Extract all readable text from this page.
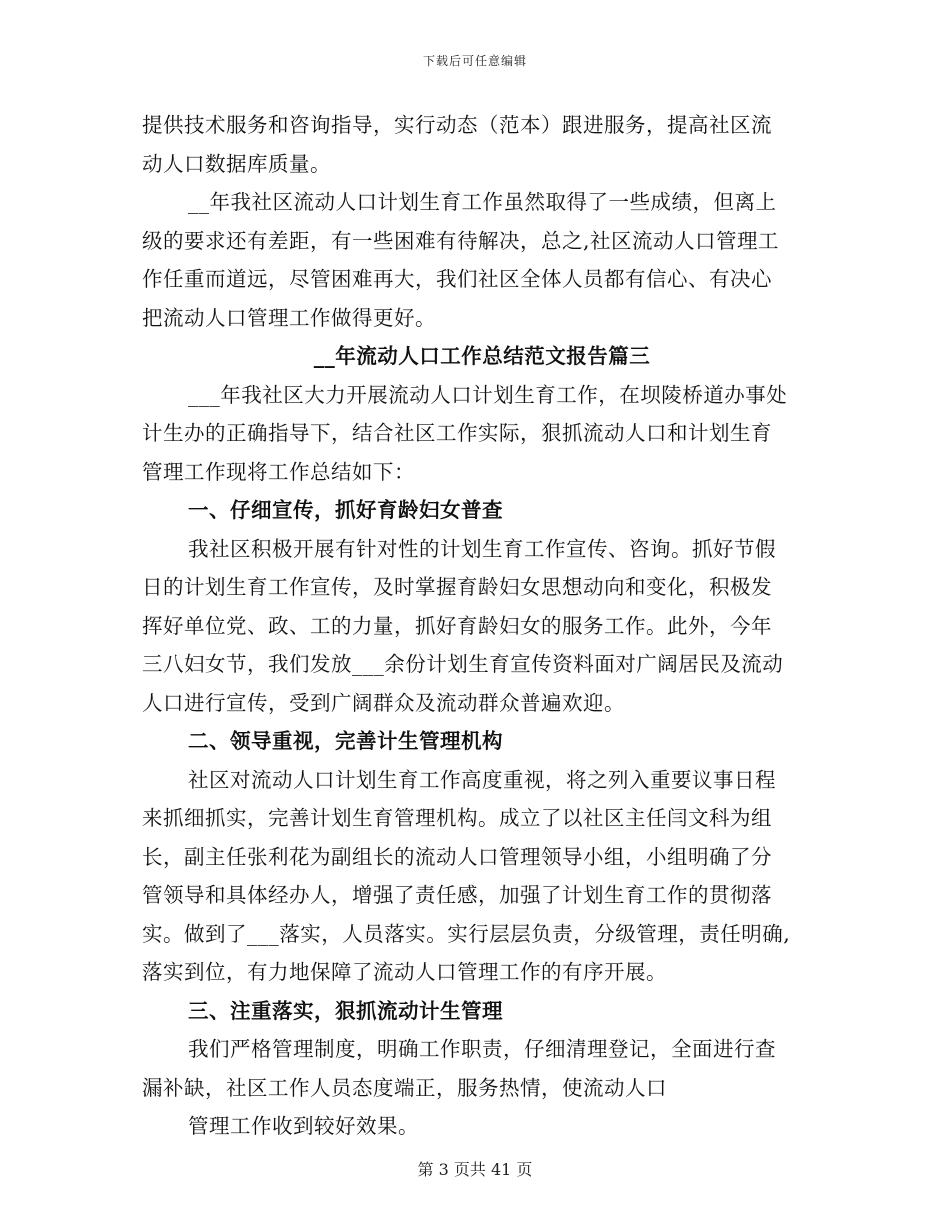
下载后可任意编辑
提供技术服务和咨询指导，实行动态（范本）跟进服务，提高社区流
动人口数据库质量。
__年我社区流动人口计划生育工作虽然取得了一些成绩，但离上
级的要求还有差距，有一些困难有待解决，总之,社区流动人口管理工
作任重而道远，尽管困难再大，我们社区全体人员都有信心、有决心
把流动人口管理工作做得更好。
__年流动人口工作总结范文报告篇三
___年我社区大力开展流动人口计划生育工作，在坝陵桥道办事处
计生办的正确指导下，结合社区工作实际，狠抓流动人口和计划生育
管理工作现将工作总结如下：
一、仔细宣传，抓好育龄妇女普查
我社区积极开展有针对性的计划生育工作宣传、咨询。抓好节假
日的计划生育工作宣传，及时掌握育龄妇女思想动向和变化，积极发
挥好单位党、政、工的力量，抓好育龄妇女的服务工作。此外，今年
三八妇女节，我们发放___余份计划生育宣传资料面对广阔居民及流动
人口进行宣传，受到广阔群众及流动群众普遍欢迎。
二、领导重视，完善计生管理机构
社区对流动人口计划生育工作高度重视，将之列入重要议事日程
来抓细抓实，完善计划生育管理机构。成立了以社区主任闫文科为组
长，副主任张利花为副组长的流动人口管理领导小组，小组明确了分
管领导和具体经办人，增强了责任感，加强了计划生育工作的贯彻落
实。做到了___落实，人员落实。实行层层负责，分级管理，责任明确,
落实到位，有力地保障了流动人口管理工作的有序开展。
三、注重落实，狠抓流动计生管理
我们严格管理制度，明确工作职责，仔细清理登记，全面进行查
漏补缺，社区工作人员态度端正，服务热情，使流动人口
管理工作收到较好效果。
第 3 页共 41 页
